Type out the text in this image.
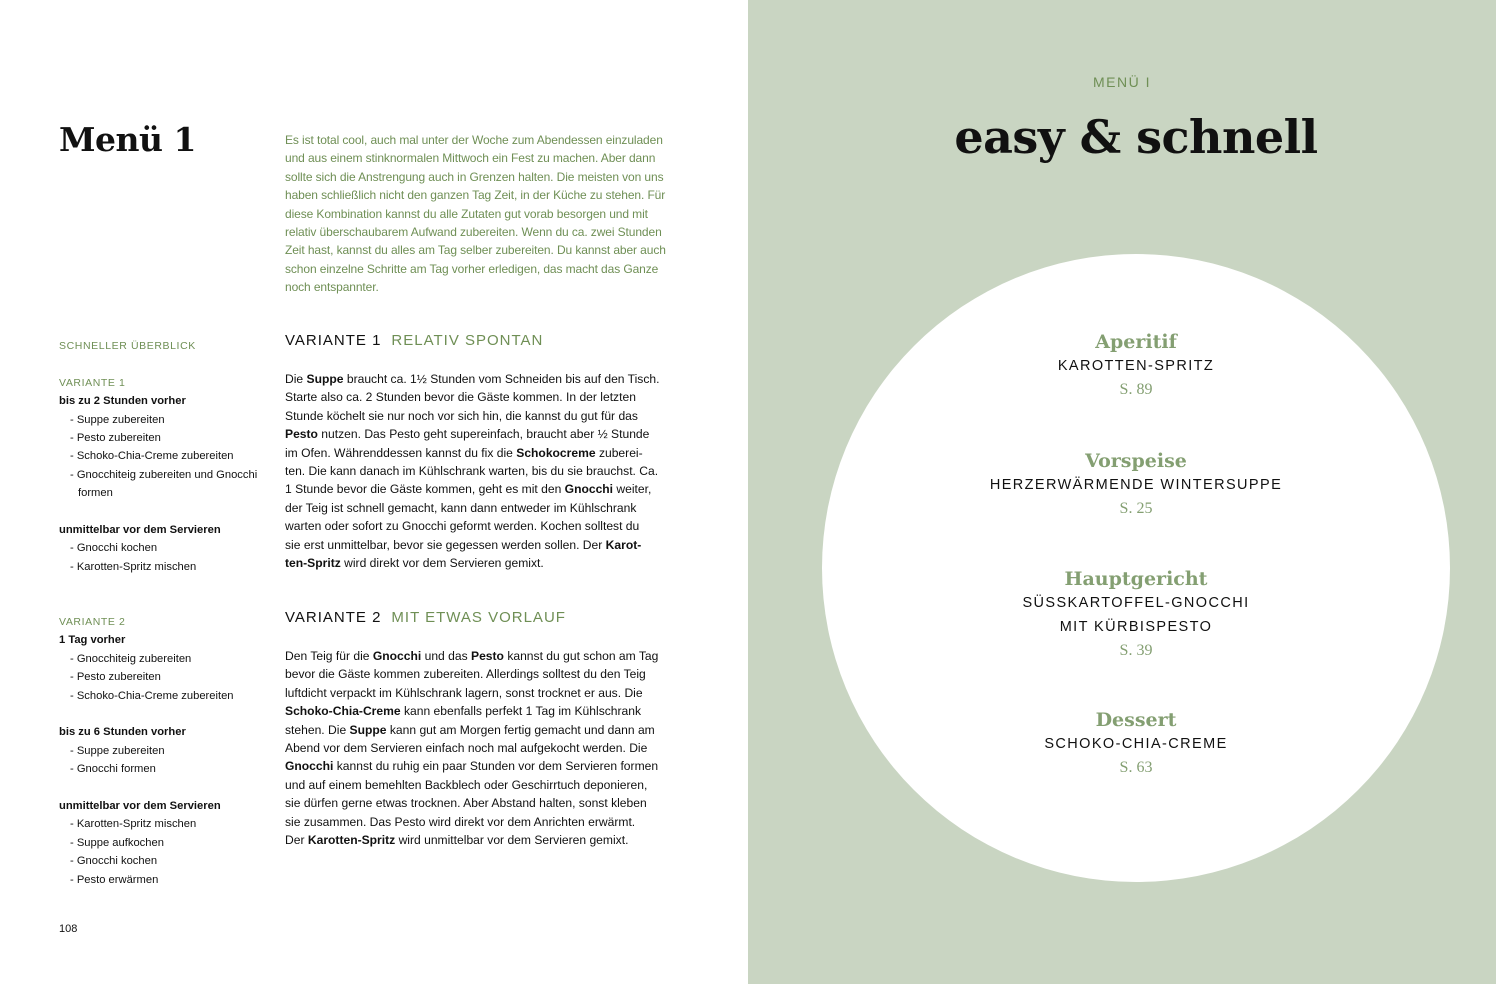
Menü 1	Es ist total cool, auch mal unter der Woche zum Abendessen einzuladen
und aus einem stinknormalen Mittwoch ein Fest zu machen. Aber dann
sollte sich die Anstrengung auch in Grenzen halten. Die meisten von uns
haben schließlich nicht den ganzen Tag Zeit, in der Küche zu stehen. Für
diese Kombination kannst du alle Zutaten gut vorab besorgen und mit
relativ überschaubarem Aufwand zubereiten. Wenn du ca. zwei Stunden
Zeit hast, kannst du alles am Tag selber zubereiten. Du kannst aber auch
schon einzelne Schritte am Tag vorher erledigen, das macht das Ganze
noch entspannter.
SCHNELLER ÜBERBLICK
VARIANTE 1
bis zu 2 Stunden vorher
- Suppe zubereiten
- Pesto zubereiten
- Schoko-Chia-Creme zubereiten
- Gnocchiteig zubereiten und Gnocchi
formen
unmittelbar vor dem Servieren
- Gnocchi kochen
- Karotten-Spritz mischen
VARIANTE 2
1 Tag vorher
- Gnocchiteig zubereiten
- Pesto zubereiten
- Schoko-Chia-Creme zubereiten
bis zu 6 Stunden vorher
- Suppe zubereiten
- Gnocchi formen
unmittelbar vor dem Servieren
- Karotten-Spritz mischen
- Suppe aufkochen
- Gnocchi kochen
- Pesto erwärmen
VARIANTE 1 RELATIV SPONTAN
Die Suppe braucht ca. 1½ Stunden vom Schneiden bis auf den Tisch.
Starte also ca. 2 Stunden bevor die Gäste kommen. In der letzten
Stunde köchelt sie nur noch vor sich hin, die kannst du gut für das
Pesto nutzen. Das Pesto geht supereinfach, braucht aber ½ Stunde
im Ofen. Währenddessen kannst du fix die Schokocreme zuberei-
ten. Die kann danach im Kühlschrank warten, bis du sie brauchst. Ca.
1 Stunde bevor die Gäste kommen, geht es mit den Gnocchi weiter,
der Teig ist schnell gemacht, kann dann entweder im Kühlschrank
warten oder sofort zu Gnocchi geformt werden. Kochen solltest du
sie erst unmittelbar, bevor sie gegessen werden sollen. Der Karot-
ten-Spritz wird direkt vor dem Servieren gemixt.
VARIANTE 2 MIT ETWAS VORLAUF
Den Teig für die Gnocchi und das Pesto kannst du gut schon am Tag
bevor die Gäste kommen zubereiten. Allerdings solltest du den Teig
luftdicht verpackt im Kühlschrank lagern, sonst trocknet er aus. Die
Schoko-Chia-Creme kann ebenfalls perfekt 1 Tag im Kühlschrank
stehen. Die Suppe kann gut am Morgen fertig gemacht und dann am
Abend vor dem Servieren einfach noch mal aufgekocht werden. Die
Gnocchi kannst du ruhig ein paar Stunden vor dem Servieren formen
und auf einem bemehlten Backblech oder Geschirrtuch deponieren,
sie dürfen gerne etwas trocknen. Aber Abstand halten, sonst kleben
sie zusammen. Das Pesto wird direkt vor dem Anrichten erwärmt.
Der Karotten-Spritz wird unmittelbar vor dem Servieren gemixt.
108
MENÜ I
easy & schnell
Aperitif
KAROTTEN-SPRITZ
S. 89
Vorspeise
HERZERWÄRMENDE WINTERSUPPE
S. 25
Hauptgericht
SÜSSKARTOFFEL-GNOCCHI
MIT KÜRBISPESTO
S. 39
Dessert
SCHOKO-CHIA-CREME
S. 63
